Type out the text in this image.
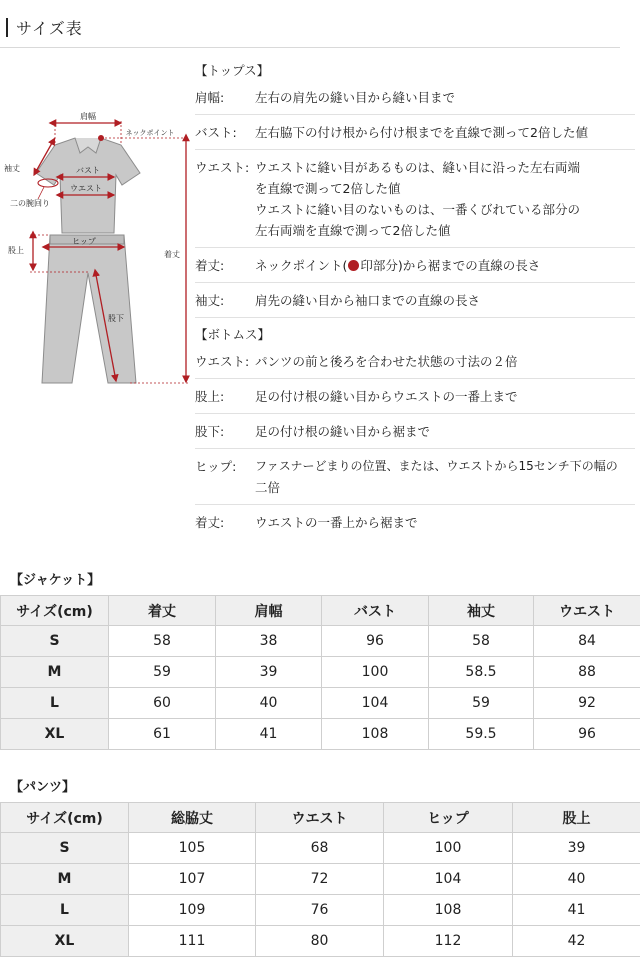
サイズ表
肩幅
ネックポイント
着丈
袖丈
二の腕回り
バスト
ウエスト
股上
ヒップ
股下
【トップス】
肩幅:	左右の肩先の縫い目から縫い目まで
バスト:	左右脇下の付け根から付け根までを直線で測って2倍した値
ウエスト: ウエストに縫い目があるものは、縫い目に沿った左右両端
を直線で測って2倍した値
ウエストに縫い目のないものは、一番くびれている部分の
左右両端を直線で測って2倍した値
着丈:	ネックポイント( 印部分)から裾までの直線の長さ
袖丈:	肩先の縫い目から袖口までの直線の長さ
【ボトムス】
ウエスト: パンツの前と後ろを合わせた状態の寸法の２倍
股上:	足の付け根の縫い目からウエストの一番上まで
股下:	足の付け根の縫い目から裾まで
ヒップ:	ファスナーどまりの位置、または、ウエストから15センチ下の幅の
二倍
着丈:	ウエストの一番上から裾まで
【ジャケット】
サイズ(cm)	着丈	肩幅	バスト	袖丈	ウエスト
S	58	38	96	58	84
M	59	39	100	58.5	88
L	60	40	104	59	92
XL	61	41	108	59.5	96
【パンツ】
サイズ(cm)	総脇丈	ウエスト	ヒップ	股上
S	105	68	100	39
M	107	72	104	40
L	109	76	108	41
XL	111	80	112	42
